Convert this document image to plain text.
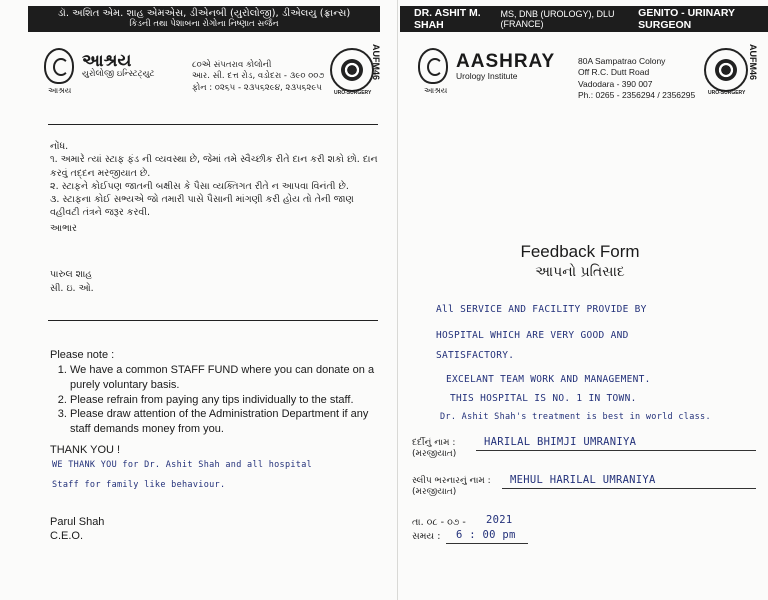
ડૉ. અશિત એમ. શાહ એમએસ, ડીએનબી (યુરોલોજી), ડીએલયુ (ફ્રાન્સ)
કિડની તથા પેશાબના રોગોના નિષ્ણાત સર્જન
આશ્રય
યુરોલોજી ઇન્સ્ટિટ્યુટ
આશ્રય
૮૦એ સંપતરાવ કોલોની
આર. સી. દત્ત રોડ, વડોદરા - ૩૯૦ ૦૦૭
ફોન : ૦૨૬૫ - ૨૩૫૬૨૯૪, ૨૩૫૬૨૯૫
AUFM46
URO-SURGERY
નોંધ.
૧. અમારે ત્યાં સ્ટાફ ફંડ ની વ્યવસ્થા છે, જેમાં તમે સ્વૈચ્છીક રીતે દાન કરી શકો છો. દાન કરવું તદ્દન મરજીયાત છે.
૨. સ્ટાફને કોઈપણ જાતની બક્ષીસ કે પૈસા વ્યક્તિગત રીતે ન આપવા વિનંતી છે.
૩. સ્ટાફના કોઈ સભ્યએ જો તમારી પાસે પૈસાની માંગણી કરી હોય તો તેની જાણ વહીવટી તંત્રને જરૂર કરવી.
આભાર
પારુલ શાહ
સી. ઇ. ઓ.
Please note :
1. We have a common STAFF FUND where you can donate on a purely voluntary basis.
2. Please refrain from paying any tips individually to the staff.
3. Please draw attention of the Administration Department if any staff demands money from you.
THANK YOU !
WE THANK YOU for Dr. Ashit Shah and all hospital
Staff for family like behaviour.
Parul Shah
C.E.O.
DR. ASHIT M. SHAH
MS, DNB (UROLOGY), DLU (FRANCE)
GENITO - URINARY SURGEON
AASHRAY
Urology Institute
આશ્રય
80A Sampatrao Colony
Off R.C. Dutt Road
Vadodara - 390 007
Ph.: 0265 - 2356294 / 2356295
AUFM46
URO-SURGERY
Feedback Form
આપનો પ્રતિસાદ
All SERVICE AND FACILITY PROVIDE BY
HOSPITAL WHICH ARE VERY GOOD AND
SATISFACTORY.
EXCELANT TEAM WORK AND MANAGEMENT.
THIS HOSPITAL IS NO. 1 IN TOWN.
Dr. Ashit Shah's treatment is best in world class.
દર્દીનું નામ :
(મરજીયાત)
HARILAL BHIMJI UMRANIYA
સ્લીપ ભરનારનું નામ :
(મરજીયાત)
MEHUL HARILAL UMRANIYA
તા. ૦૮ - ૦૭ - 2021
સમય : 6 : 00 pm
